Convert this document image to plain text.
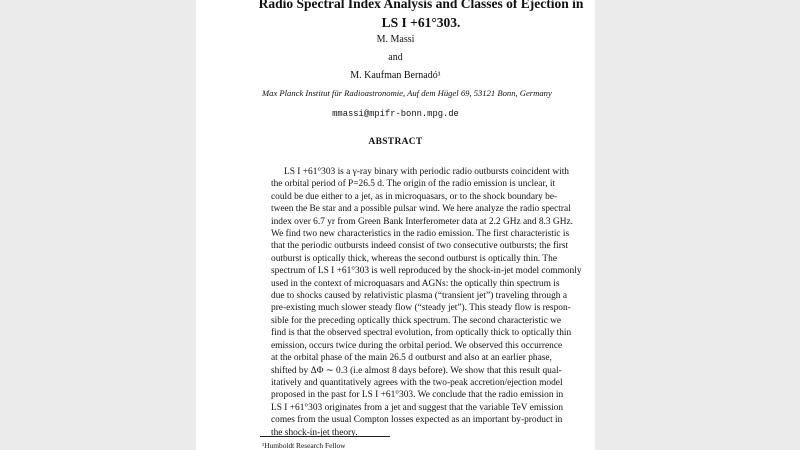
Radio Spectral Index Analysis and Classes of Ejection in
LS I +61°303.
M. Massi
and
M. Kaufman Bernadó¹
Max Planck Institut für Radioastronomie, Auf dem Hügel 69, 53121 Bonn, Germany
mmassi@mpifr-bonn.mpg.de
ABSTRACT
LS I +61°303 is a γ-ray binary with periodic radio outbursts coincident with
the orbital period of P=26.5 d. The origin of the radio emission is unclear, it
could be due either to a jet, as in microquasars, or to the shock boundary be-
tween the Be star and a possible pulsar wind. We here analyze the radio spectral
index over 6.7 yr from Green Bank Interferometer data at 2.2 GHz and 8.3 GHz.
We find two new characteristics in the radio emission. The first characteristic is
that the periodic outbursts indeed consist of two consecutive outbursts; the first
outburst is optically thick, whereas the second outburst is optically thin. The
spectrum of LS I +61°303 is well reproduced by the shock-in-jet model commonly
used in the context of microquasars and AGNs: the optically thin spectrum is
due to shocks caused by relativistic plasma (“transient jet”) traveling through a
pre-existing much slower steady flow (“steady jet”). This steady flow is respon-
sible for the preceding optically thick spectrum. The second characteristic we
find is that the observed spectral evolution, from optically thick to optically thin
emission, occurs twice during the orbital period. We observed this occurrence
at the orbital phase of the main 26.5 d outburst and also at an earlier phase,
shifted by ΔΦ ∼ 0.3 (i.e almost 8 days before). We show that this result qual-
itatively and quantitatively agrees with the two-peak accretion/ejection model
proposed in the past for LS I +61°303. We conclude that the radio emission in
LS I +61°303 originates from a jet and suggest that the variable TeV emission
comes from the usual Compton losses expected as an important by-product in
the shock-in-jet theory.
¹Humboldt Research Fellow
